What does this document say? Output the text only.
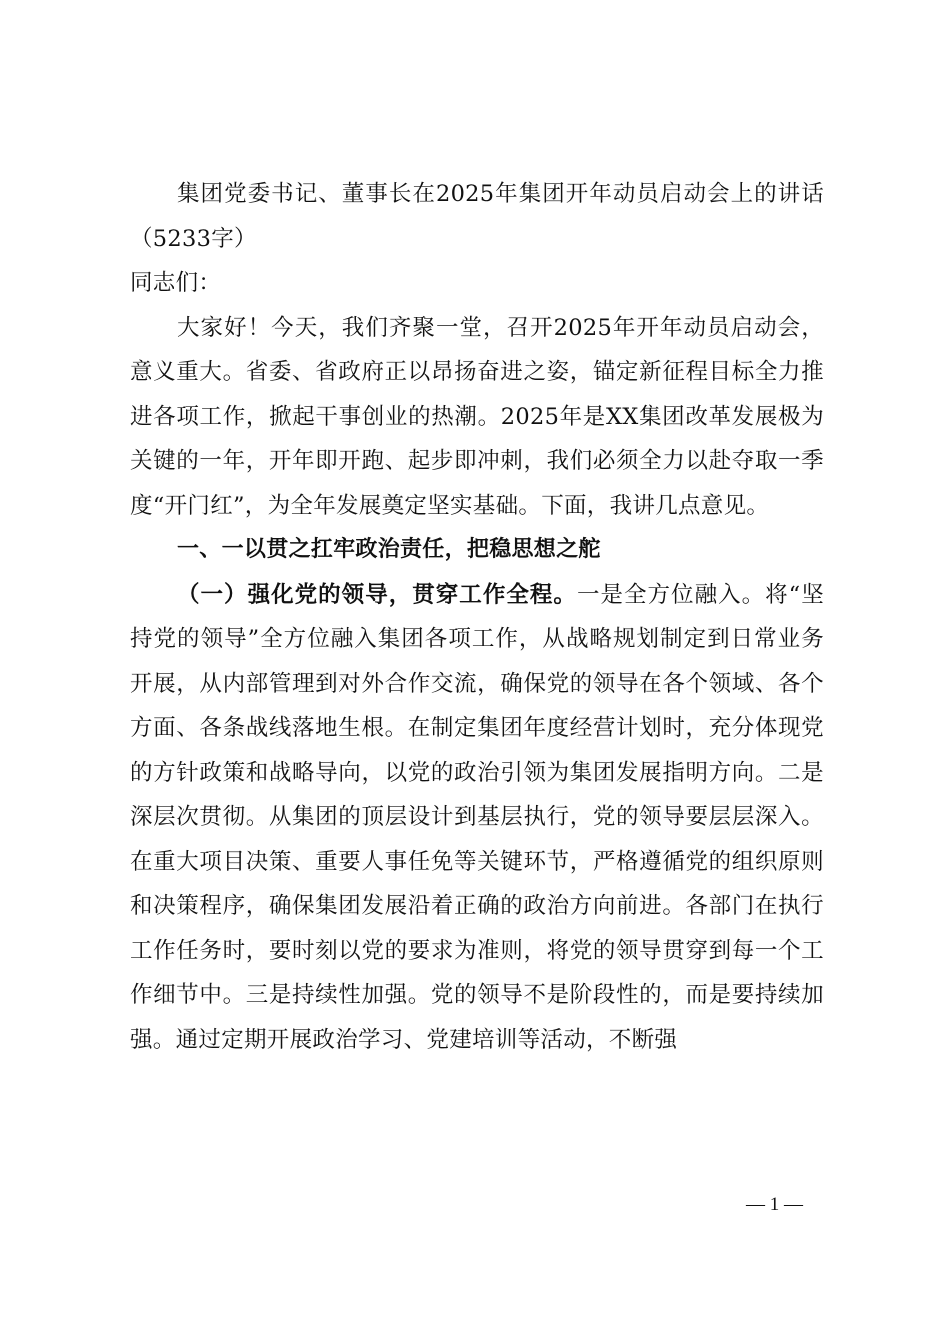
集团党委书记、董事长在2025年集团开年动员启动会上的讲话（5233字）

同志们：

大家好！今天，我们齐聚一堂，召开2025年开年动员启动会，意义重大。省委、省政府正以昂扬奋进之姿，锚定新征程目标全力推进各项工作，掀起干事创业的热潮。2025年是XX集团改革发展极为关键的一年，开年即开跑、起步即冲刺，我们必须全力以赴夺取一季度“开门红”，为全年发展奠定坚实基础。下面，我讲几点意见。

一、一以贯之扛牢政治责任，把稳思想之舵

（一）强化党的领导，贯穿工作全程。一是全方位融入。将“坚持党的领导”全方位融入集团各项工作，从战略规划制定到日常业务开展，从内部管理到对外合作交流，确保党的领导在各个领域、各个方面、各条战线落地生根。在制定集团年度经营计划时，充分体现党的方针政策和战略导向，以党的政治引领为集团发展指明方向。二是深层次贯彻。从集团的顶层设计到基层执行，党的领导要层层深入。在重大项目决策、重要人事任免等关键环节，严格遵循党的组织原则和决策程序，确保集团发展沿着正确的政治方向前进。各部门在执行工作任务时，要时刻以党的要求为准则，将党的领导贯穿到每一个工作细节中。三是持续性加强。党的领导不是阶段性的，而是要持续加强。通过定期开展政治学习、党建培训等活动，不断强

— 1 —
